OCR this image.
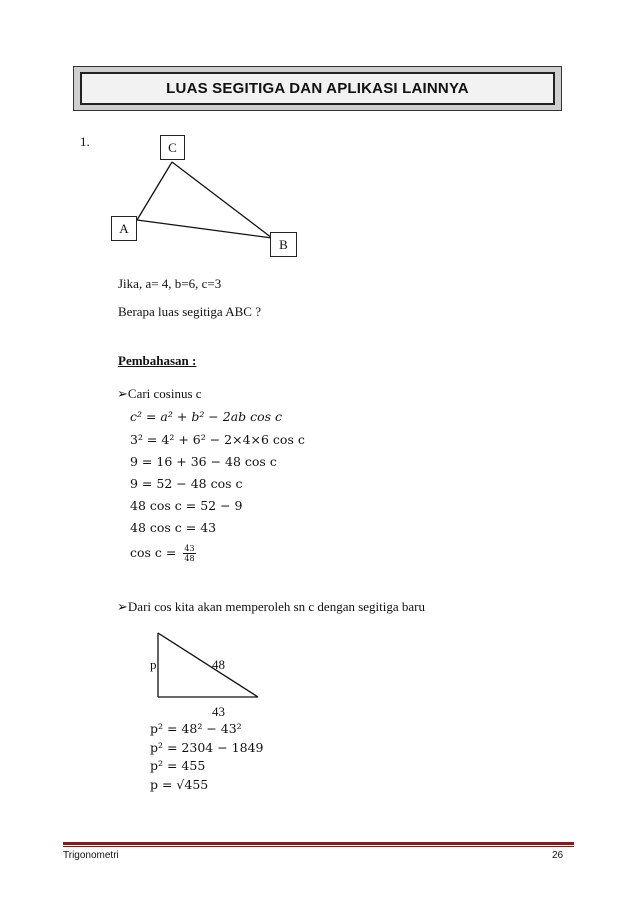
LUAS SEGITIGA DAN APLIKASI LAINNYA
1.	C
A
B
Jika, a= 4, b=6, c=3
Berapa luas segitiga ABC ?
Pembahasan :
➢Cari cosinus c
c² = a² + b² − 2ab cos c
3² = 4² + 6² − 2×4×6 cos c
9 = 16 + 36 − 48 cos c
9 = 52 − 48 cos c
48 cos c = 52 − 9
48 cos c = 43
$\cos c = \frac{43}{48}$
➢Dari cos kita akan memperoleh sn c dengan segitiga baru
p	48
43
p² = 48² − 43²
p² = 2304 − 1849
p² = 455
p = √455
Trigonometri	26
